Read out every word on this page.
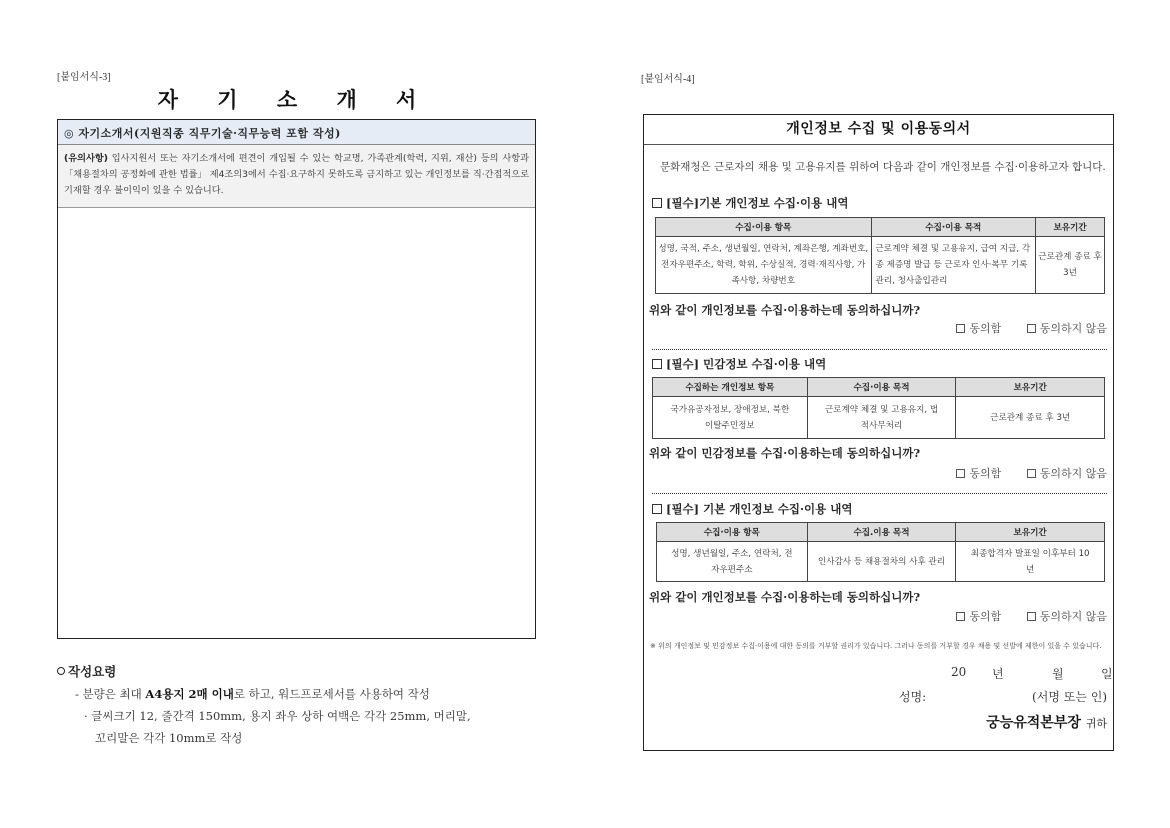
[붙임서식-3]
자 기 소 개 서
◎ 자기소개서(지원직종 직무기술·직무능력 포함 작성)
(유의사항) 입사지원서 또는 자기소개서에 편견이 개입될 수 있는 학교명, 가족관계(학력, 지위, 재산) 등의 사항과 「채용절차의 공정화에 관한 법률」 제4조의3에서 수집·요구하지 못하도록 금지하고 있는 개인정보를 직·간접적으로 기재할 경우 불이익이 있을 수 있습니다.
작성요령
- 분량은 최대 A4용지 2매 이내로 하고, 워드프로세서를 사용하여 작성
· 글씨크기 12, 줄간격 150mm, 용지 좌우 상하 여백은 각각 25mm, 머리말,
꼬리말은 각각 10mm로 작성
[붙임서식-4]
개인정보 수집 및 이용동의서
문화재청은 근로자의 채용 및 고용유지를 위하여 다음과 같이 개인정보를 수집·이용하고자 합니다.
[필수]기본 개인정보 수집·이용 내역
수집·이용 항목	수집·이용 목적	보유기간
성명, 국적, 주소, 생년월일, 연락처, 계좌은행, 계좌번호, 전자우편주소, 학력, 학위, 수상실적, 경력·재직사항, 가족사항, 차량번호	근로계약 체결 및 고용유지, 급여 지급, 각종 제증명 발급 등 근로자 인사·복무 기록관리, 청사출입관리	근로관계 종료 후 3년
위와 같이 개인정보를 수집·이용하는데 동의하십니까?
동의함	동의하지 않음
[필수] 민감정보 수집·이용 내역
수집하는 개인정보 항목	수집·이용 목적	보유기간
국가유공자정보, 장애정보, 북한이탈주민정보	근로계약 체결 및 고용유지, 법적사무처리	근로관계 종료 후 3년
위와 같이 민감정보를 수집·이용하는데 동의하십니까?
동의함	동의하지 않음
[필수] 기본 개인정보 수집·이용 내역
수집·이용 항목	수집.이용 목적	보유기간
성명, 생년월일, 주소, 연락처, 전자우편주소	인사감사 등 채용절차의 사후 관리	최종합격자 발표일 이후부터 10년
위와 같이 개인정보를 수집·이용하는데 동의하십니까?
동의함	동의하지 않음
※ 위의 개인정보 및 민감정보 수집·이용에 대한 동의를 거부할 권리가 있습니다. 그러나 동의를 거부할 경우 채용 및 선발에 제한이 있을 수 있습니다.
20 년	월	일
성명:	(서명 또는 인)
궁능유적본부장 귀하
